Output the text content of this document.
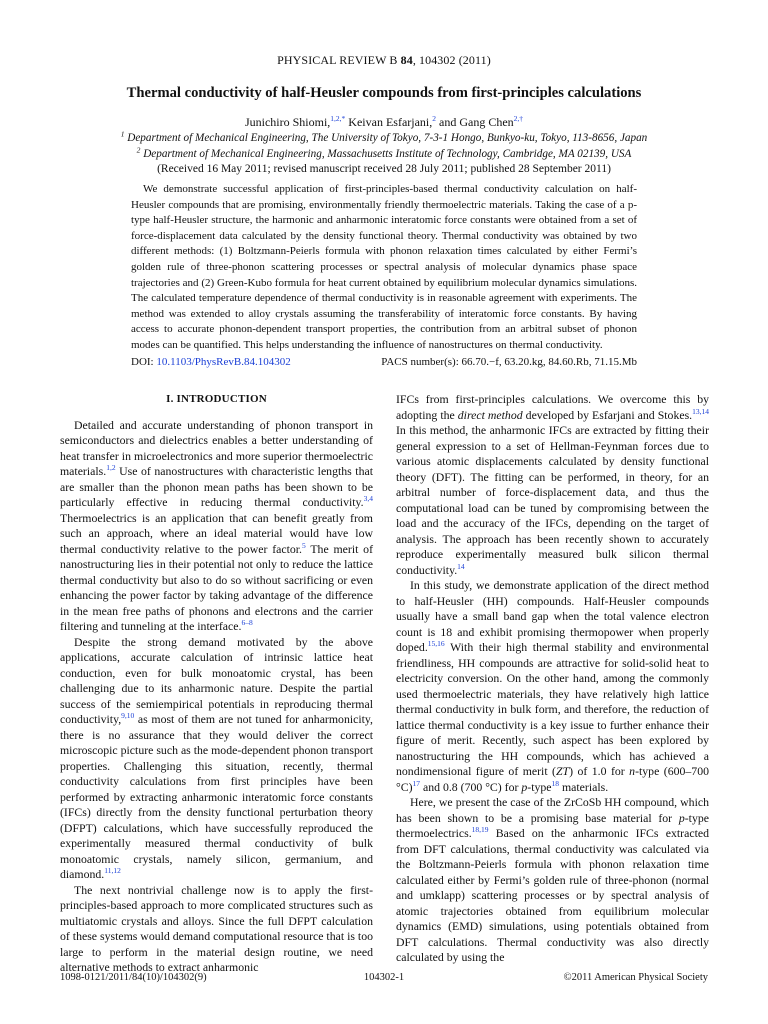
PHYSICAL REVIEW B 84, 104302 (2011)
Thermal conductivity of half-Heusler compounds from first-principles calculations
Junichiro Shiomi,$^{1,2,*}$ Keivan Esfarjani,$^2$ and Gang Chen$^{2,\dagger}$
$^1$ Department of Mechanical Engineering, The University of Tokyo, 7-3-1 Hongo, Bunkyo-ku, Tokyo, 113-8656, Japan
$^2$ Department of Mechanical Engineering, Massachusetts Institute of Technology, Cambridge, MA 02139, USA
(Received 16 May 2011; revised manuscript received 28 July 2011; published 28 September 2011)
We demonstrate successful application of first-principles-based thermal conductivity calculation on half-Heusler compounds that are promising, environmentally friendly thermoelectric materials. Taking the case of a p-type half-Heusler structure, the harmonic and anharmonic interatomic force constants were obtained from a set of force-displacement data calculated by the density functional theory. Thermal conductivity was obtained by two different methods: (1) Boltzmann-Peierls formula with phonon relaxation times calculated by either Fermi’s golden rule of three-phonon scattering processes or spectral analysis of molecular dynamics phase space trajectories and (2) Green-Kubo formula for heat current obtained by equilibrium molecular dynamics simulations. The calculated temperature dependence of thermal conductivity is in reasonable agreement with experiments. The method was extended to alloy crystals assuming the transferability of interatomic force constants. By having access to accurate phonon-dependent transport properties, the contribution from an arbitral subset of phonon modes can be quantified. This helps understanding the influence of nanostructures on thermal conductivity.
DOI: 10.1103/PhysRevB.84.104302	PACS number(s): 66.70.−f, 63.20.kg, 84.60.Rb, 71.15.Mb
I. INTRODUCTION

Detailed and accurate understanding of phonon transport in semiconductors and dielectrics enables a better understanding of heat transfer in microelectronics and more superior thermoelectric materials.$^{1,2}$ Use of nanostructures with characteristic lengths that are smaller than the phonon mean paths has been shown to be particularly effective in reducing thermal conductivity.$^{3,4}$ Thermoelectrics is an application that can benefit greatly from such an approach, where an ideal material would have low thermal conductivity relative to the power factor.$^5$ The merit of nanostructuring lies in their potential not only to reduce the lattice thermal conductivity but also to do so without sacrificing or even enhancing the power factor by taking advantage of the difference in the mean free paths of phonons and electrons and the carrier filtering and tunneling at the interface.$^{6-8}$

Despite the strong demand motivated by the above applications, accurate calculation of intrinsic lattice heat conduction, even for bulk monoatomic crystal, has been challenging due to its anharmonic nature. Despite the partial success of the semiempirical potentials in reproducing thermal conductivity,$^{9,10}$ as most of them are not tuned for anharmonicity, there is no assurance that they would deliver the correct microscopic picture such as the mode-dependent phonon transport properties. Challenging this situation, recently, thermal conductivity calculations from first principles have been performed by extracting anharmonic interatomic force constants (IFCs) directly from the density functional perturbation theory (DFPT) calculations, which have successfully reproduced the experimentally measured thermal conductivity of bulk monoatomic crystals, namely silicon, germanium, and diamond.$^{11,12}$

The next nontrivial challenge now is to apply the first-principles-based approach to more complicated structures such as multiatomic crystals and alloys. Since the full DFPT calculation of these systems would demand computational resource that is too large to perform in the material design routine, we need alternative methods to extract anharmonic

IFCs from first-principles calculations. We overcome this by adopting the direct method developed by Esfarjani and Stokes.$^{13,14}$ In this method, the anharmonic IFCs are extracted by fitting their general expression to a set of Hellman-Feynman forces due to various atomic displacements calculated by density functional theory (DFT). The fitting can be performed, in theory, for an arbitral number of force-displacement data, and thus the computational load can be tuned by compromising between the load and the accuracy of the IFCs, depending on the target of analysis. The approach has been recently shown to accurately reproduce experimentally measured bulk silicon thermal conductivity.$^{14}$

In this study, we demonstrate application of the direct method to half-Heusler (HH) compounds. Half-Heusler compounds usually have a small band gap when the total valence electron count is 18 and exhibit promising thermopower when properly doped.$^{15,16}$ With their high thermal stability and environmental friendliness, HH compounds are attractive for solid-solid heat to electricity conversion. On the other hand, among the commonly used thermoelectric materials, they have relatively high lattice thermal conductivity in bulk form, and therefore, the reduction of lattice thermal conductivity is a key issue to further enhance their figure of merit. Recently, such aspect has been explored by nanostructuring the HH compounds, which has achieved a nondimensional figure of merit (ZT) of 1.0 for n-type (600–700 °C)$^{17}$ and 0.8 (700 °C) for p-type$^{18}$ materials.

Here, we present the case of the ZrCoSb HH compound, which has been shown to be a promising base material for p-type thermoelectrics.$^{18,19}$ Based on the anharmonic IFCs extracted from DFT calculations, thermal conductivity was calculated via the Boltzmann-Peierls formula with phonon relaxation time calculated either by Fermi’s golden rule of three-phonon (normal and umklapp) scattering processes or by spectral analysis of atomic trajectories obtained from equilibrium molecular dynamics (EMD) simulations, using potentials obtained from DFT calculations. Thermal conductivity was also directly calculated by using the

1098-0121/2011/84(10)/104302(9)	104302-1	©2011 American Physical Society
